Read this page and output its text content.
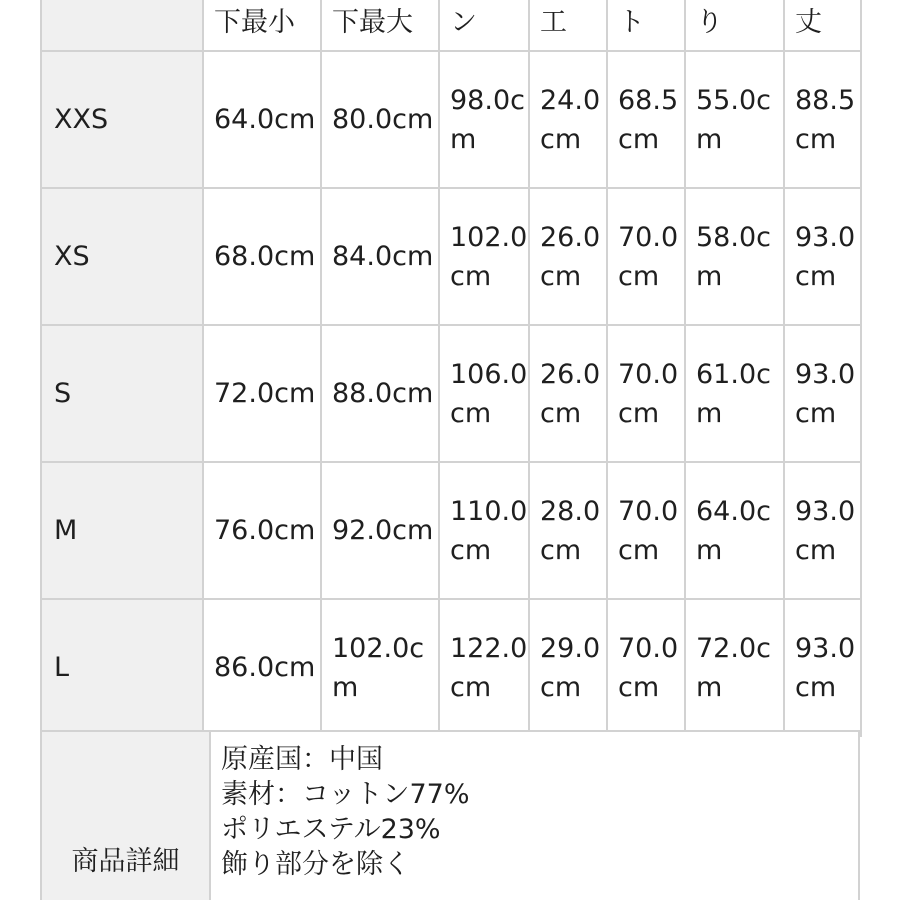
	下最小	下最大	ン	工	ト	り	丈
XXS	64.0cm	80.0cm	98.0cm	24.0cm	68.5cm	55.0cm	88.5cm
XS	68.0cm	84.0cm	102.0cm	26.0cm	70.0cm	58.0cm	93.0cm
S	72.0cm	88.0cm	106.0cm	26.0cm	70.0cm	61.0cm	93.0cm
M	76.0cm	92.0cm	110.0cm	28.0cm	70.0cm	64.0cm	93.0cm
L	86.0cm	102.0cm	122.0cm	29.0cm	70.0cm	72.0cm	93.0cm
商品詳細	
原産国：中国
素材：コットン77%
ポリエステル23%
飾り部分を除く
